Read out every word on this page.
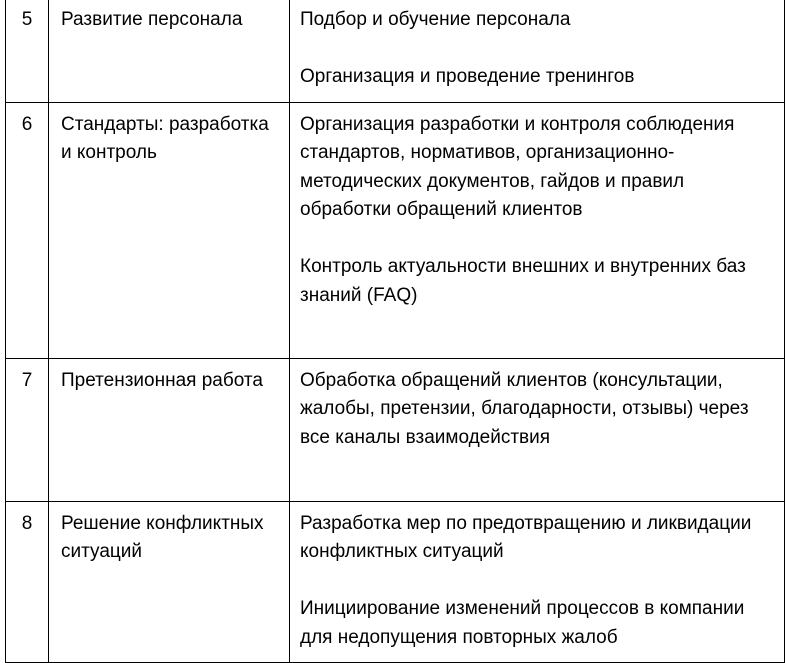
5	Развитие персонала	Подбор и обучение персонала
Организация и проведение тренингов

6	Стандарты: разработка и контроль	Организация разработки и контроля соблюдения стандартов, нормативов, организационно-методических документов, гайдов и правил обработки обращений клиентов
Контроль актуальности внешних и внутренних баз знаний (FAQ)

7	Претензионная работа	Обработка обращений клиентов (консультации, жалобы, претензии, благодарности, отзывы) через все каналы взаимодействия

8	Решение конфликтных ситуаций	Разработка мер по предотвращению и ликвидации конфликтных ситуаций
Инициирование изменений процессов в компании для недопущения повторных жалоб
